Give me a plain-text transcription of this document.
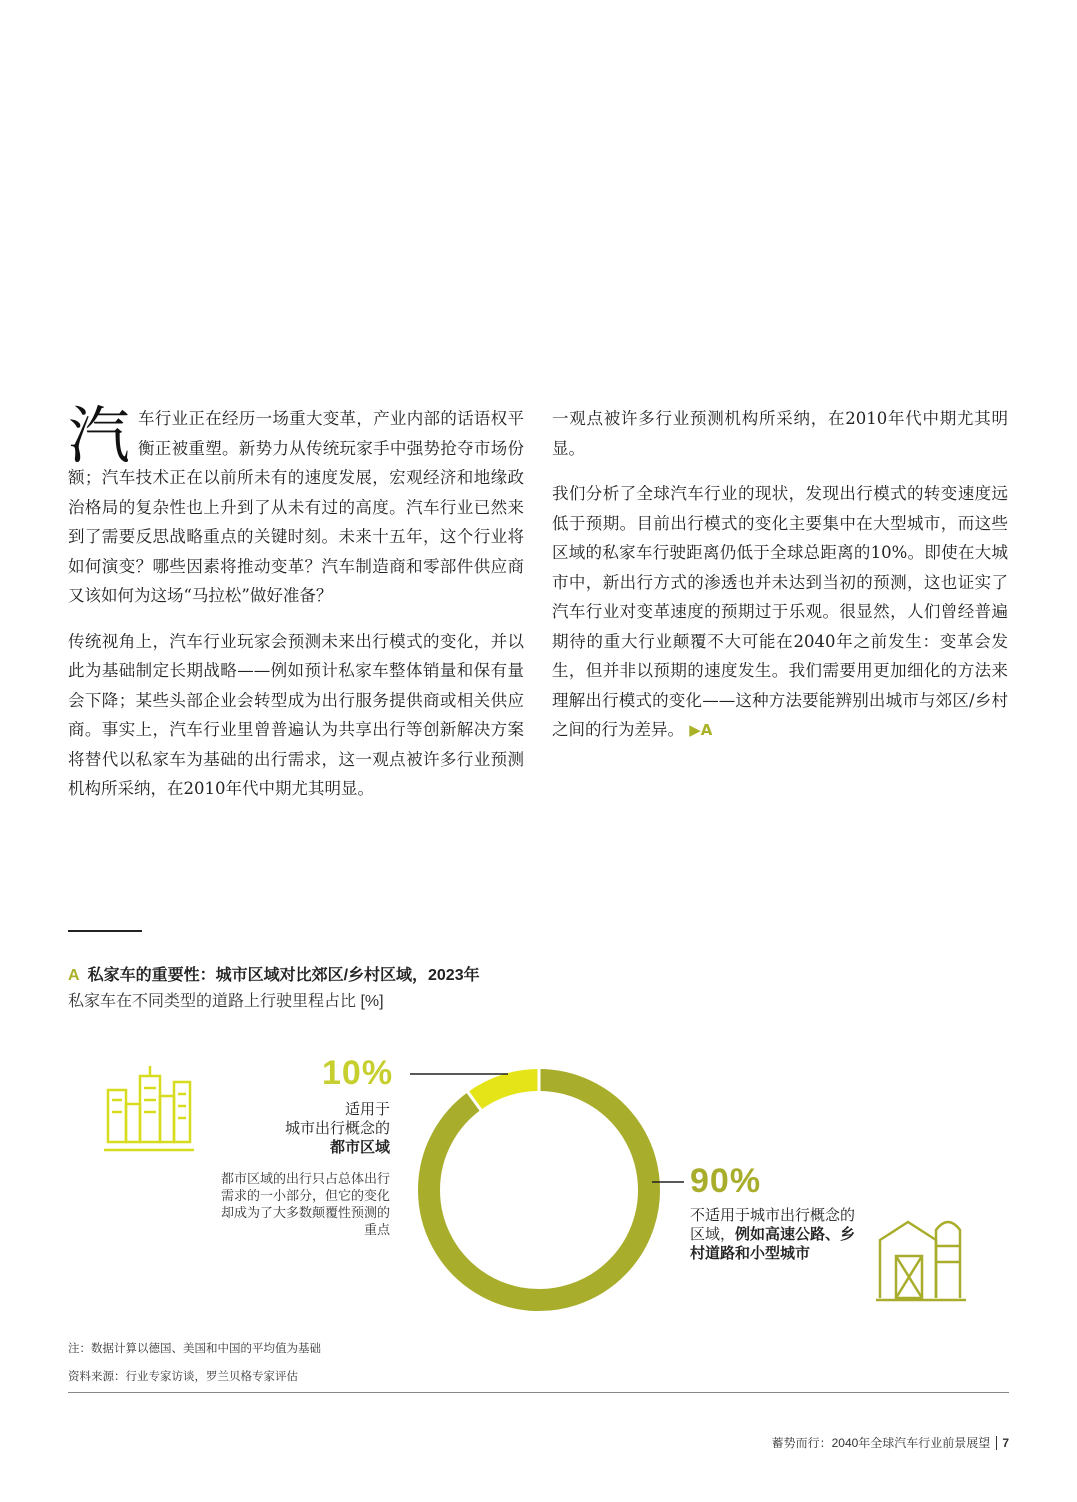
汽车行业正在经历一场重大变革，产业内部的话语权平衡正被重塑。新势力从传统玩家手中强势抢夺市场份额；汽车技术正在以前所未有的速度发展，宏观经济和地缘政治格局的复杂性也上升到了从未有过的高度。汽车行业已然来到了需要反思战略重点的关键时刻。未来十五年，这个行业将如何演变？哪些因素将推动变革？汽车制造商和零部件供应商又该如何为这场“马拉松”做好准备？

传统视角上，汽车行业玩家会预测未来出行模式的变化，并以此为基础制定长期战略——例如预计私家车整体销量和保有量会下降；某些头部企业会转型成为出行服务提供商或相关供应商。事实上，汽车行业里曾普遍认为共享出行等创新解决方案将替代以私家车为基础的出行需求，这一观点被许多行业预测机构所采纳，在2010年代中期尤其明显。

一观点被许多行业预测机构所采纳，在2010年代中期尤其明显。

我们分析了全球汽车行业的现状，发现出行模式的转变速度远低于预期。目前出行模式的变化主要集中在大型城市，而这些区域的私家车行驶距离仍低于全球总距离的10%。即使在大城市中，新出行方式的渗透也并未达到当初的预测，这也证实了汽车行业对变革速度的预期过于乐观。很显然，人们曾经普遍期待的重大行业颠覆不大可能在2040年之前发生：变革会发生，但并非以预期的速度发生。我们需要用更加细化的方法来理解出行模式的变化——这种方法要能辨别出城市与郊区/乡村之间的行为差异。 ▶A

A 私家车的重要性：城市区域对比郊区/乡村区域，2023年
私家车在不同类型的道路上行驶里程占比 [%]
10%
适用于
城市出行概念的
都市区域
都市区域的出行只占总体出行需求的一小部分，但它的变化却成为了大多数颠覆性预测的重点
90%
不适用于城市出行概念的区域，例如高速公路、乡村道路和小型城市
注：数据计算以德国、美国和中国的平均值为基础
资料来源：行业专家访谈，罗兰贝格专家评估
蓄势而行：2040年全球汽车行业前景展望 7
